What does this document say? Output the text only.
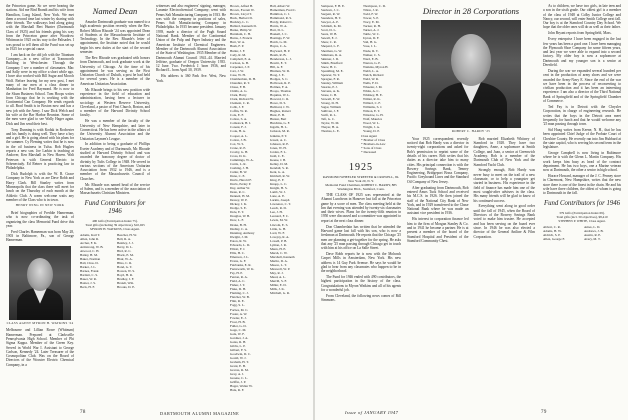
the Princeton game. So we were bearing the stations. Aid me Bird Brandt and his wife from Hamilton, Long Island, New York. We met them a second time last winter by sharing with their friends. The walkways lead along going with the Marshall Bert Hunter (Dartmouth Class of 1925) and his friends going his way from the Princeton game after Woodrow Whitman in 1925 on his way to the Palisades. I was proud to tell them all the Fund was set up in 1925 for a special cause.

I am back on the old job with the Titanium Company—in a new office at Tranaworth Building in Westchester. Through the Company I see a number of classmates. Mac and Sally were in my office a short while ago. I have also worked with Bill Sugar and Mooch Wolf. Before leaving for my new post, I met many of our men at a class dinner in Manhattan for Fred Raymond. He is now in the Sloan Business School. Tom Hoops writes from Chicago that he is working with the Continental Can Company. He sends regards to all. Brad Smith is in Boston now and has a new job with the Army. I saw Dick Welch and his wife at the Bar Harbor Reunion. Some of the men were glad to see Wally Hager again. Dick and Jim send their best.

Tony Dunning is with Kodak in Rochester and his family is doing well. They have a boy and a girl. He is going ahead with his plans for the summer. Cy Fleming writes that he is now in the oil business in Tulsa. Bob Hughes reports a new son. Joe Larkin is teaching at Andover, Ken Marshall in New Haven. Walt Peterson is with General Electric in Schenectady. Ed Reiner is practicing law in Philadelphia.

Dick Rudolph is with the W. R. Grace Company in New York as are Dave Robb and Harry Clark. Bill Stanley writes from Minneapolis that the class there will meet for lunch on the Thursday of each month at the Athletic Club. A warm welcome waits any member of the Class who is in town.

HENRY WING IN NEW YORK

Brief biographies of Freddie Hamerman, who is now co-ordinating the task of organizing the class Memorial Fund drive this year.

Fred Charles Hamerman was born May 28, 1903 in Baltimore, Pa., son of George Hamerman.

CLASS AGENT MYRON H. WATKINS '24

Melbourne and Lillian Rowe (Whitman) Hamerman. Prepared at Clarksville Pennsylvania High School. Member of Phi Sigma Kappa. Member of the Green Key. Served in World War I. Assistant to George Carlson, Kennedy '24. Later Treasurer of the Cosmopolitan Club. Was on the Board of Directors of the Wooster Electric Chemical Company, in a

Named Dean

Amador Dartmouth graduate was named to a high academic position recently when the Rev. Robert Milton Rhoade '24 was appointed Dean of Students at the Massachusetts Institute of Technology. In the Rev. Rhoade's letter of appointment, the Institute noted that he would begin his new duties at the start of the second semester.

The Rev. Rhoade was graduated with honors from Dartmouth, and took graduate work at the University of Chicago. At the time of his appointment he was serving as the First Unitarian Church of Duluth, a post he had held for several years. He is a member of the American Unitarian Association.

Mr. Rhoade brings to his new position wide experience in the field of education and administration, having been a lecturer in sociology at Western Reserve University, Cleveland, a pastor of First Church, Boston, and a member of the Harvard Divinity School faculty.

He was a member of the faculty of the University of New Hampshire, and later in Connecticut. He has been active in the affairs of the University Alumni Association and the Unitarian Laymen's League.

In addition to being a graduate of Phillips Exeter Academy and of Dartmouth, Mr. Rhoade studied at Harvard Divinity School and was awarded the honorary degree of doctor of divinity by Tufts College in 1948. He served in various sections of the American Unitarian Association from 1932 to 1946, and is a member of the Massachusetts Council of Churches.

Mr. Rhoade was named head of the service of Salem, and is a member of the association of Massachusetts Christian Ministers.

Fund Contributors for 1946

490 Gifts (Participation Index 75).

Total gifts (including 39 objectives), $10,025

MYRON H. WATKINS, Class Agent.

Adams, Karl T.
Allen, John R.
Archer, F. K.
Armstrong, W. B.
Atwood, C. H.
Bailey, H. M.
Baker, Norman
Ball, Chas. D.
Barker, J. L.
Barnes, Frank
Bartlett, C. S.
Bauer, W. R.
Baxter, J. S.
Beck, H. F.
Beecher, H. W.
Bell, R. A.
Bentley, J. J.
Berry, D. L.
Bird, R. C.
Black, E. M.
Blair, W. A.
Bliss, C. R.
Bond, G. T.
Bowen, W. S.
Boyd, H. R.
Bradley, J. F.
Brandt, Wm.
Brooks, D. E.

witnesses and also engineers' signing, manager, Laramie Electrochemical Company; went with Penns Salt Manufacturing Company in 1933. He was with the company in positions of sales, Penns Salt Manufacturing Company in Philadelphia. In 1935 became president. January 1939, made a director of the Pugh Sound National Bank. Member of the Continental Union of the Pulp and Paper Industry and the American Institute of Chemical Engineers. Member of the Dartmouth Alumni Association of the State of Washington. 1935 Member of the Dartmouth Alumni Council 1941–44. Married Jeffrine, graduate of Oregon University. 1935. 12 June. Two. Frederick J. born 1936, and Richard L. born April 30, 1939.

His address is 360 Park Ave. West, New York.

Brown, Alfred H.
Brown, Everett W.
Brown, Lloyd T.
Buck, Herbert D.
Buckley, L. C.
Bullard, Kenneth D.
Burke, Philip W.
Burnham, C. H.
Burns, J. Francis
Burt, W. A.
Bush, F. P.
Butler, J. F.
Cady, R. M.
Campbell, E. A.
Carlson, G. B.
Carpenter, J. P.
Carr, J. W.
Case, W. H.
Chamberlain, D. H.
Chandler, R. T.
Chase, F. B.
Childs, A. G.
Clark, Harry
Clark, Richard W.
Clement, C. R.
Cobb, J. F.
Coffin, W. R.
Cole, E. F.
Colton, S. A.
Comstock, H. J.
Conant, F. J.
Cook, H. A.
Cooper, A. L.
Cotton, J. B.
Cox, W. S.
Crane, R. E.
Crosby, G. H.
Cross, D. K.
Cummings, W. A.
Curtis, L. R.
Cushing, J. H.
Cutler, B. W.
Dana, C. E.
Davis, Harold F.
Davis, Perley P.
Day, Arthur W.
Dean, R. C.
Dennett, H. M.
Dewey, W. P.
Dickey, J. K.
Dodge, S. E.
Dole, E. T.
Douglas, W. B.
Dow, L. F.
Drake, B. H.
Dudley, C. A.
Dunning, Anthony
Dwight, J. M.
Eaton, R. W.
Edwards, L. D.
Elliott, F. J.
Ellis, H. C.
Emerson, J. L.
Evans, G. F.
Fairbanks, E. R.
Farnsworth, W. K.
Fay, H. P.
Fenton, R. A.
Field, A. C.
Fisher, J. T.
Fiske, D. H.
Fleming, C. J.
Fletcher, W. B.
Flint, R. E.
Fogg, S. L.
Forbes, M. C.
Foster, A. W.
Fowler, E. J.
Frost, H. B.
Fuller, G. D.
Gage, C. M.
Gale, W. F.
Gardner, J. A.
Gates, R. H.
Gibbs, L. P.
Gilbert, F. S.
Goodwin, D. C.
Gould, W. J.
Graham, H. T.
Grant, E. B.
Graves, R. M.
Gray, A. J.
Greene, C. L.
Griffin, J. P.
Hager, Walter W.
Hale, R. F.
Hall, Albert W.
Hamerman, Fred C.
Hamilton, C. J.
Hammond, R. S.
Hardy, Robert C.
Harris, W. A.
Hart, D. L.
Haskell, J. C.
Hastings, F. W.
Hatch, G. M.
Hayes, C. A.
Hayward, H. P.
Heath, R. B.
Henderson, L. J.
Hewitt, E. T.
Hill, A. F.
Hinman, W. D.
Hoag, J. E.
Hodges, S. C.
Holbrook, R. P.
Holmes, F. A.
Hoops, Thomas
Hopkins, W. L.
Howard, C. R.
Howe, D. S.
Hubbard, J. W.
Hughes, Robert
Hunt, E. B.
Hunter, Bert
Hutchins, G. F.
Ingalls, H. L.
Jackson, M. R.
Jenkins, P. T.
Jewett, A. C.
Johnson, R. E.
Jones, W. H.
Jordan, F. L.
Judd, C. E.
Keene, J. B.
Kelley, D. M.
Kendall, S. R.
Kent, G. A.
Kimball, R. W.
King, E. F.
Knapp, L. C.
Knight, H. S.
Lamb, W. J.
Lane, A. E.
Larkin, Joseph
Lawrence, C. T.
Leach, R. D.
Lee, J. H.
Leonard, F. C.
Lewis, M. W.
Lincoln, E. S.
Little, G. H.
Lord, W. F.
Lovejoy, R. A.
Lowell, P. B.
Lyman, J. R.
Mann, H. E.
Marsh, C. W.
Marshall, Kenneth
Martin, D. A.
Mason, L. T.
Maxwell, W. P.
May, R. J.
Mead, A. L.
Merrill, S. F.
Miller, E. D.
Mills, J. K.
Mitchell, G. R.
78	DARTMOUTH ALUMNI MAGAZINE
Sampson, F. H. E.
Sanborn, J. C.
Sargent, R. W.
Saunders, H. T.
Sawyer, A. P.
Schmidt, K. M.
Scott, D. L.
Sears, W. B.
Sewall, E. J.
Shaw, C. R.
Shepard, L. F.
Sherman, G. W.
Simmons, R. A.
Skinner, J. D.
Smith, Bradford
Snow, H. C.
Spaulding, M. E.
Spencer, W. T.
Sprague, F. R.
Stanley, William
Stearns, P. J.
Stevens, A. K.
Stone, C. B.
Stowell, E. W.
Strong, D. H.
Sugar, William
Sullivan, J. F.
Swift, R. L.
Taft, G. C.
Taylor, W. M.
Thayer, H. A.
Thomas, L. E.
Thompson, C. D.
Tilton, J. R.
Todd, F. W.
Tower, S. P.
Tracy, E. M.
Tucker, R. H.
Turner, A. J.
Tuttle, W. C.
Upton, D. F.
Vail, H. G.
Vose, J. L.
Wade, R. T.
Walker, C. S.
Ward, E. B.
Warren, G. P.
Watkins, Myron H.
Webb, L. A.
Welch, Richard
Weld, W. R.
Wells, F. D.
Wheeler, J. M.
White, A. C.
Whitney, H. E.
Wilder, R. K.
Willard, C. F.
Williams, S. J.
Wilson, E. T.
Winslow, G. H.
Wolf, Maurice
Wood, W. L.
Wright, J. A.
Young, D. P.

Class Agent

* Brother of Class
* Brothers-in-Law
* Sons of Class
* Deceased
1925

RAYMOND WHEELER STREETER & CROWELL, JR.

New York 20, N. Y.

Memorial Fund Chairman, ROBERT C. HARDY, 885 Washington Blvd., Stamford, Conn.

THE CLASS OF 1925 was represented at the Alumni Luncheon in Hanover last fall at the Princeton game by a score of men. The class meeting held at the Inn that evening was attended by twenty-six classmates and their wives. Plans for the twenty-fifth reunion in 1950 were discussed and a committee was appointed to report at the next class dinner.

Don Chamberlain has written that he attended the Harvard game last fall with his son, who is now a freshman at Dartmouth. He reports that the Chicago '25 men are planning a get-together for the spring. He asks that any '25 man passing through Chicago get in touch with him at his office on La Salle Street.

Dave Robb reports he is now with the Mohawk Carpet Mills in Amsterdam, New York. His new address is 14 Guy Park Avenue. He says he would be glad to hear from any classmates who happen to be in the neighborhood.

The Fund for 1946 ended with 490 contributors, the highest participation in the history of the class. Congratulations to Myron Watkins and all of his agents for a wonderful job.

From Cleveland, the following news comes of Bill Simmons.

Director in 28 Corporations

ROBERT C. HARDY '25

Your 1925 correspondent recently noticed that Bob Hardy was a director in twenty-eight corporations and asked for Bob's permission to reprint some of the details of his career. Bob writes that his duties as a director take him to many cities. His principal connection is with the Bowery Savings Bank, Tenney Engineering, Bridgeport Brass Company, Pacific Greyhound Lines and the Standard Oil Company of New Jersey.

After graduating from Dartmouth, Bob entered Amos Tuck School and received his M.C.S. in 1926. He then joined the staff of the National City Bank of New York, and in 1929 transferred to the Chase National Bank where he was made an assistant vice president in 1936.

His interest in corporation finance led him to the firm of Morgan Stanley & Co. and in 1941 he became a partner. He is at present a member of the board of the Stamford Hospital and President of the Stamford Community Chest.

Bob married Elizabeth Whitney of Stamford in 1928. They have two daughters, Anne, a sophomore at Smith College, and Joan, a senior at Greenwich Academy. Bob is a member of the Dartmouth Club of New York and the Stamford Yacht Club.

Strongly enough, Bob Hardy was never busy to meet on the trail of a new classmate, or to help a youngster get started in business. His experience in the field of finance has made him one of the most sought-after advisers in the class. His many friends will be glad to know of his continued success.

Everything went along in good order until the fall of 1945, when the Board of Directors of the Bowery Savings Bank voted to make him trustee. He accepted and has been serving on the board ever since. In 1946 he was also elected a director of the General Aniline & Film Corporation.

As to children, we have two girls, in late teen and a son in the sixth grade. Our oldest girl is a member of the class of 1948 at Colby Junior College and Nancy, our second, will enter Smith College next fall. Our boy is at the Stamford Country Day School. We hope that the older ones will do as well as their father.

John Bryant reports from Springfield, Mass.

Every enterprise I have been engaged in the last few years has been a good one. I have been managing the Plymouth Shoe Company for some fifteen years, and last year we were able to expand into a second factory. My older boy is now a sophomore at Dartmouth and my younger son is a senior at Deerfield.

During the war we expanded several hundred per cent in the production of army shoes and we were awarded the Army-Navy E. Since the end of the war we have been in the process of reconverting to civilian production and it has been an interesting experience. I am also a director of the Third National Bank of Springfield and of the Springfield Chamber of Commerce.

Ted Fay is in Detroit with the Chrysler Corporation, in charge of engineering research. He writes that the boys in the Detroit area meet frequently for lunch and that he would welcome any '25 man passing through town.

Sid Hoag writes from Keene, N. H., that he has been appointed Chief Judge of the Probate Court of Cheshire County. He recently ran into Jim Hubbard at the state capitol, who is serving his second term in the legislature.

George Campbell is now living in Baltimore where he is with the Glenn L. Martin Company. His work keeps him busy as head of the contract department. He has two boys, one a Marine veteran now at Dartmouth, the other a senior in high school.

Horace Howard, manager of the J. C. Penney store in Claremont, New Hampshire, writes that the new store there is one of the finest in the chain. He and his wife have three children, the oldest of whom is going to Dartmouth in the fall.

Fund Contributors for 1946

379 Gifts (Participation Index 69).

Total gifts (incl. 30 objectives), $8,410

STEPHEN P. WHITE, Class Agent.

Abbott, C. R.
Adams, H. W.
Aldrich, S. P.
Allen, George F.
Ames, L. D.
Andrews, J. B.
Austin, R. E.
Avery, M. T.
Issue of JANUARY 1947	79
